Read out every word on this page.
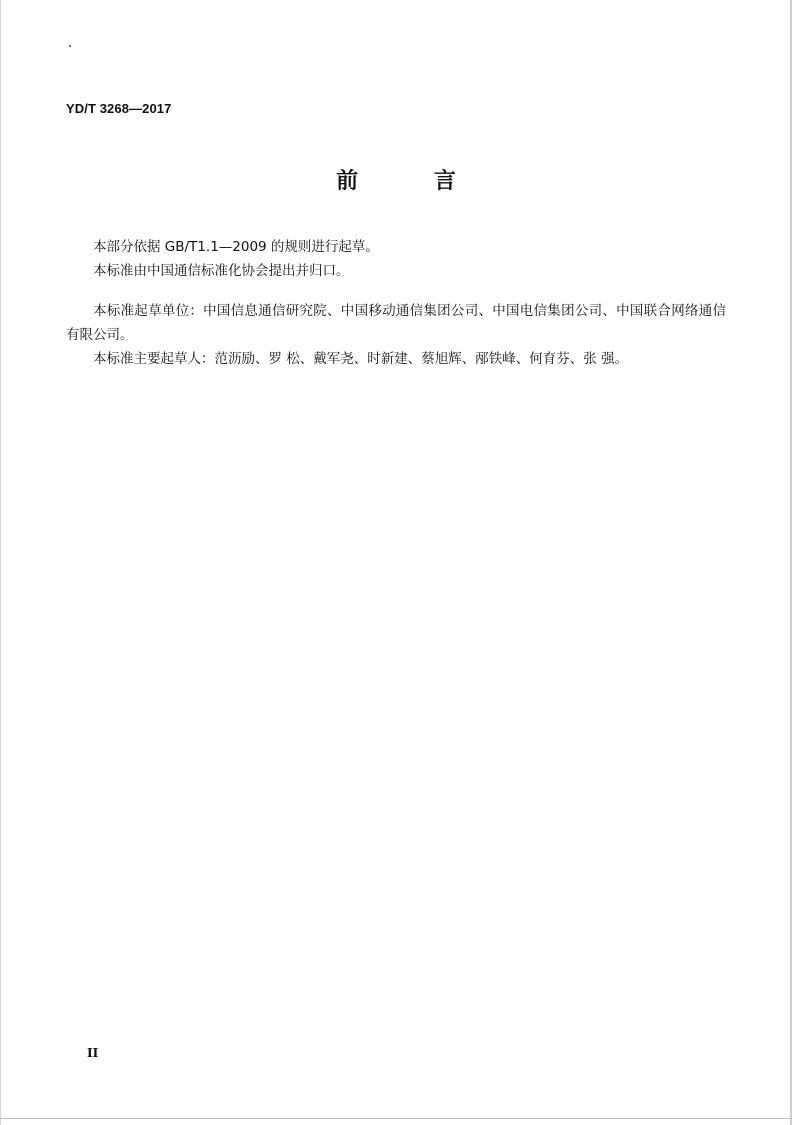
YD/T 3268—2017
前 言

本部分依据 GB/T1.1—2009 的规则进行起草。

本标准由中国通信标准化协会提出并归口。

本标准起草单位：中国信息通信研究院、中国移动通信集团公司、中国电信集团公司、中国联合网络通信有限公司。

本标准主要起草人：范沥励、罗 松、戴军尧、时新建、蔡旭辉、邴铁峰、何育芬、张 强。

II
